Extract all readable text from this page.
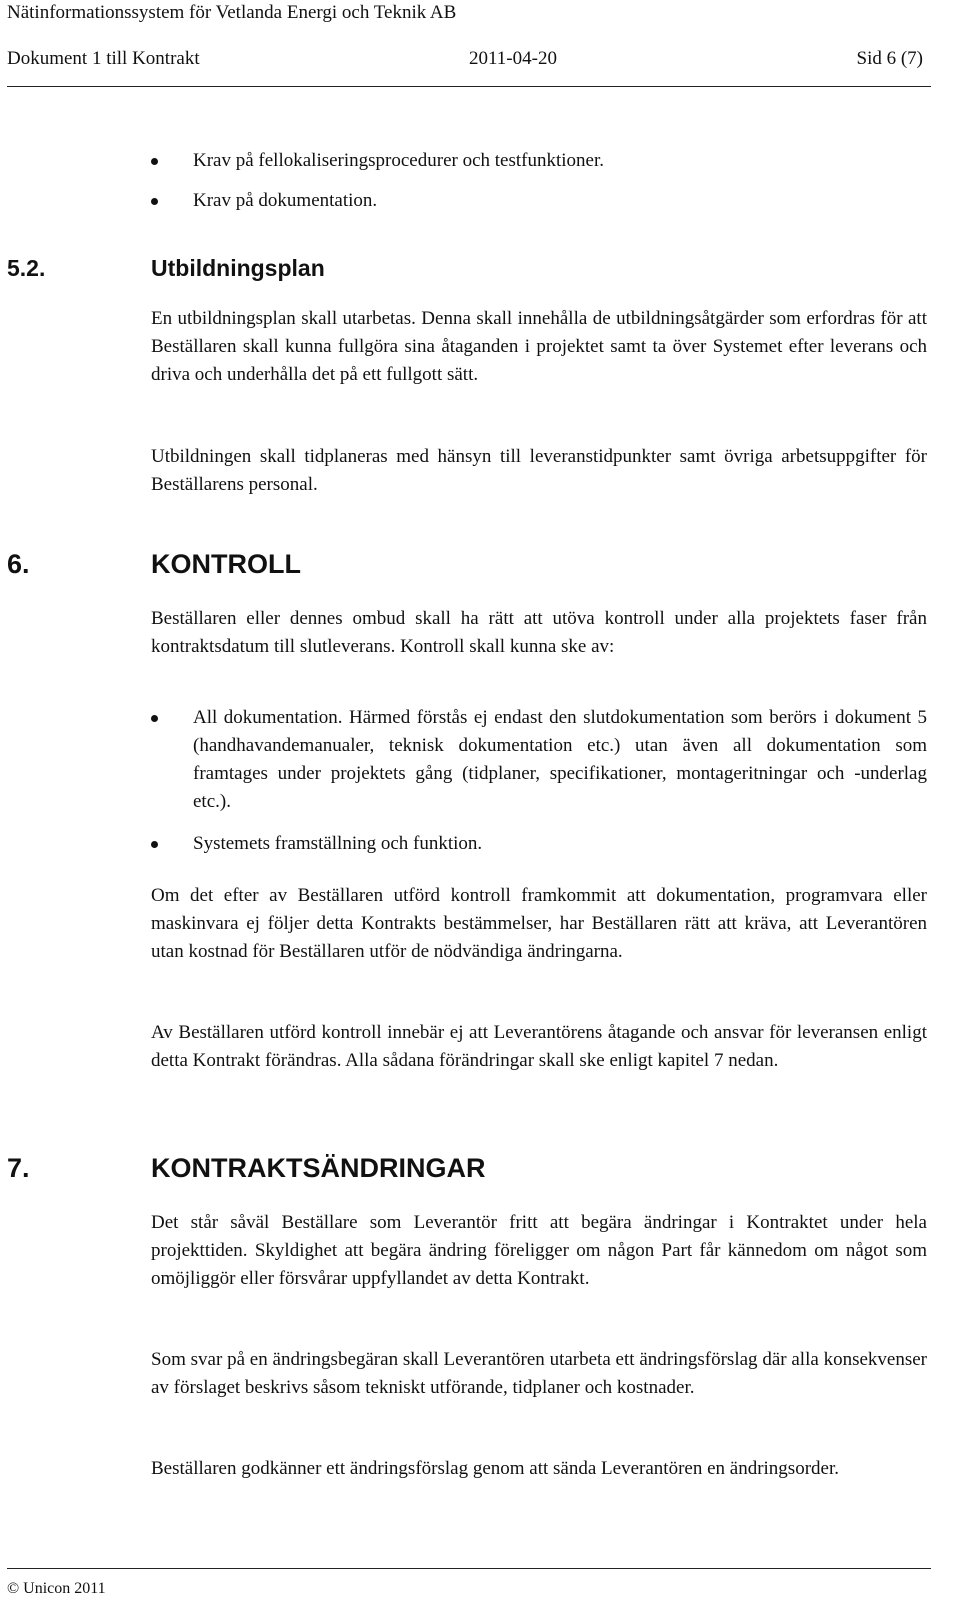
Nätinformationssystem för Vetlanda Energi och Teknik AB
Dokument 1 till Kontrakt	2011-04-20	Sid 6 (7)
Krav på fellokaliseringsprocedurer och testfunktioner.
Krav på dokumentation.
5.2.	Utbildningsplan
En utbildningsplan skall utarbetas. Denna skall innehålla de utbildningsåtgärder som erfordras för att Beställaren skall kunna fullgöra sina åtaganden i projektet samt ta över Systemet efter leverans och driva och underhålla det på ett fullgott sätt.
Utbildningen skall tidplaneras med hänsyn till leveranstidpunkter samt övriga arbetsuppgifter för Beställarens personal.
6.	KONTROLL
Beställaren eller dennes ombud skall ha rätt att utöva kontroll under alla projektets faser från kontraktsdatum till slutleverans. Kontroll skall kunna ske av:
All dokumentation. Härmed förstås ej endast den slutdokumentation som berörs i dokument 5 (handhavandemanualer, teknisk dokumentation etc.) utan även all dokumentation som framtages under projektets gång (tidplaner, specifikationer, montageritningar och -underlag etc.).
Systemets framställning och funktion.
Om det efter av Beställaren utförd kontroll framkommit att dokumentation, programvara eller maskinvara ej följer detta Kontrakts bestämmelser, har Beställaren rätt att kräva, att Leverantören utan kostnad för Beställaren utför de nödvändiga ändringarna.
Av Beställaren utförd kontroll innebär ej att Leverantörens åtagande och ansvar för leveransen enligt detta Kontrakt förändras. Alla sådana förändringar skall ske enligt kapitel 7 nedan.
7.	KONTRAKTSÄNDRINGAR
Det står såväl Beställare som Leverantör fritt att begära ändringar i Kontraktet under hela projekttiden. Skyldighet att begära ändring föreligger om någon Part får kännedom om något som omöjliggör eller försvårar uppfyllandet av detta Kontrakt.
Som svar på en ändringsbegäran skall Leverantören utarbeta ett ändringsförslag där alla konsekvenser av förslaget beskrivs såsom tekniskt utförande, tidplaner och kostnader.
Beställaren godkänner ett ändringsförslag genom att sända Leverantören en ändringsorder.
© Unicon 2011
